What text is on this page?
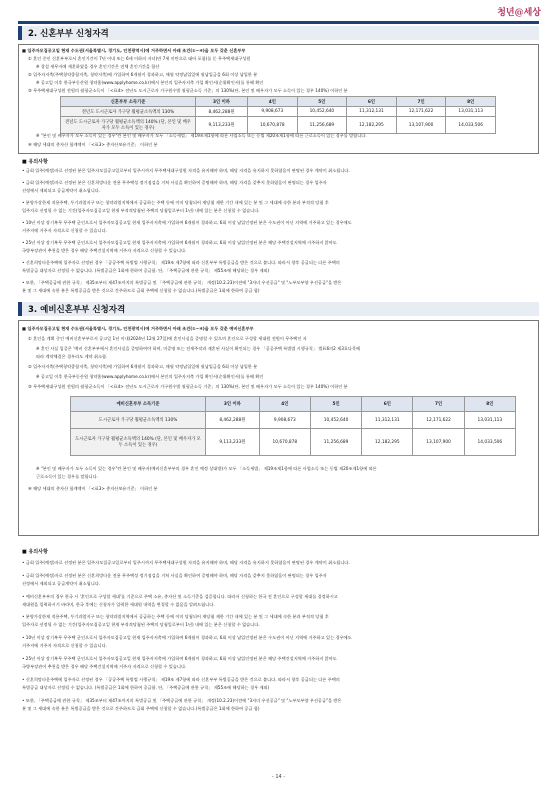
청년@세상
2. 신혼부부 신청자격
■ 입주자모집공고일 현재 수도권(서울특별시, 경기도, 인천광역시)에 거주하면서 아래 조건(①~④)을 모두 갖춘 신혼부부
① 혼인 중인 신혼부부로서 혼인기간이 7년 이내 또는 6세 이하의 자녀(만 7세 미만으로 태아 포함)를 둔 무주택세대구성원
※ 창설 세무자에 재혼하였을 경우 혼인기간은 전체 혼인기간을 합산
② 입주자저축(주택청약종합저축, 청약저축)에 가입하여 6개월이 경과하고, 매월 약정납입일에 월납입금을 6회 이상 납입한 분
※ 공고일 이후 한국부동산원 청약홈(www.applyhome.co.kr)에서 본인의 입주자저축 가입 확인서(순위확인서)를 통해 확인
③ 무주택세대구성원 전원의 월평균소득이 「<표4> 전년도 도시근로자 가구원수별 월평균소득 기준」의 130%(단, 본인 및 배우자가 모두 소득이 있는 경우 140%) 이하인 분
신혼부부 소득기준	3인 이하	4인	5인	6인	7인	8인
전년도 도시근로자 가구당 월평균소득액의 130%	8,462,288원	9,908,673	10,452,640	11,312,131	12,171,622	13,031,113
전년도 도시근로자 가구당 월평균소득액의 140% (단, 본인 및 배우자가 모두 소득이 있는 경우)	9,113,233원	10,670,878	11,256,689	12,182,295	13,107,900	14,033,506
※ "본인 및 배우자가 모두 소득이 있는 경우"란 본인 및 배우자가 모두 「소득세법」 제19조제1항에 따른 사업소득 또는 동법 제20조제1항에 따른 근로소득이 있는 경우를 말합니다.
④ 해당 세대의 총자산 합계액이 「<표3> 총자산보유기준」 이하인 분
■ 유의사항
• 금회 입주(예정)자로 선정된 분은 입주자모집공고일로부터 입주시까지 무주택세대구성원 자격을 유지해야 하며, 해당 자격을 유지하지 못하였음이 판명된 경우 계약이 취소됩니다.
• 금회 입주(예정)자로 선정된 분은 신혼희망타운 전용 무주택성 정기점검을 거쳐 사실을 확인하여 증명해야 하며, 해당 자격을 갖추지 못하였음이 판명되는 경우 입주자
선정에서 제외되고 공급계약이 취소됩니다.
• 분양가상한제 적용주택, 투기과열지구 또는 청약과열지역에서 공급하는 주택 등에 이미 당첨되어 재당첨 제한 기간 내에 있는 분 및 그 세대에 속한 분과 부적격 당첨 후
입주자로 선정될 수 없는 기간(입주자모집공고일 현재 부적격당첨된 주택의 당첨일로부터 1년) 내에 있는 분은 신청할 수 없습니다.
• 10년 이상 장기복무 무주택 군인으로서 입주자모집공고일 현재 입주자저축에 가입하여 6개월이 경과하고, 6회 이상 납입인정된 분은 수도권이 아닌 지역에 거주하고 있는 경우에도
거주지에 거주자 자격으로 신청할 수 있습니다.
• 25년 이상 장기복무 무주택 군인으로서 입주자모집공고일 현재 입주자저축에 가입하여 6개월이 경과하고, 6회 이상 납입인정된 분은 해당 주택건설지역에 거주하지 않아도
국방부장관이 추천을 받은 경우 해당 주택건설지역에 거주자 자격으로 신청할 수 있습니다.
• 신혼희망타운주택에 입주자로 선정된 경우 「공공주택 특별법 시행규칙」 제19조 제7항에 따라 신혼부부 특별공급을 받은 것으로 봅니다. 따라서 향후 공급되는 다른 주택의
특별공급 대상자로 선정될 수 없습니다. (특별공급은 1회에 한하여 공급함. 단, 「주택공급에 관한 규칙」 제55조에 해당하는 경우 제외)
• 또한, 「주택공급에 관한 규칙」 제35조부터 제47조까지의 특별공급 및 「주택공급에 관한 규칙」 개정(10.2.23)이전에 "3자녀 우선공급" 및 "노부모부양 우선공급"을 받은
분 및 그 세대에 속한 분은 특별공급을 받은 것으로 간주하므로 금회 주택에 신청할 수 없습니다.(특별공급은 1회에 한하여 공급 함)
3. 예비신혼부부 신청자격
■ 입주자모집공고일 현재 수도권(서울특별시, 경기도, 인천광역시)에 거주하면서 아래 조건(①~④)을 모두 갖춘 예비신혼부부
① 혼인을 계획 중인 예비신혼부부로서 공고일 1년 이내(2024년 12월 27일)에 혼인사실을 증명할 수 있으며 혼인으로 구성할 세대원 전원이 무주택인 자
※ 혼인 사실 입증은 '예비 신혼부부에서 혼인사실을 증명하여야 하며, 미증명 또는 전세주작과 재혼된 사실이 확인되는 경우 「공공주택 특별법 시행규칙」 별표6의2 제3호다목에
따라 계약체결은 경우라도 계약 취소함.
② 입주자저축(주택청약종합저축, 청약저축)에 가입하여 6개월이 경과하고, 매월 약정납입일에 월납입금을 6회 이상 납입한 분
※ 공고일 이후 한국부동산원 청약홈(www.applyhome.co.kr)에서 본인의 입주자저축 가입 확인서(순위확인서)를 통해 확인
③ 무주택세대구성원 전원의 월평균소득이 「<표4> 전년도 도시근로자 가구원수별 월평균소득 기준」의 130%(단, 본인 및 배우자가 모두 소득이 있는 경우 140%) 이하인 분
예비신혼부부 소득기준	3인 이하	4인	5인	6인	7인	8인
도시근로자 가구당 월평균소득액의 130%	8,462,288원	9,908,673	10,452,640	11,312,131	12,171,622	13,031,113
도시근로자 가구당 월평균소득액의 140% (단, 본인 및 배우자가 모두 소득이 있는 경우)	9,113,233원	10,670,878	11,256,689	12,182,295	13,107,900	14,033,506
※ "본인 및 배우자가 모두 소득이 있는 경우"란 본인 및 배우자(예비신혼부부의 경우 혼인 예정 상대방)가 모두 「소득세법」 제19조제1항에 따른 사업소득 또는 동법 제20조제1항에 따른
근로소득이 있는 경우를 말합니다.
④ 해당 세대의 총자산 합계액이 「<표3> 총자산보유기준」 이하인 분
■ 유의사항
• 금회 입주(예정)자로 선정된 분은 입주자모집공고일로부터 입주시까지 무주택세대구성원 자격을 유지해야 하며, 해당 자격을 유지하지 못하였음이 판명된 경우 계약이 취소됩니다.
• 금회 입주(예정)자로 선정된 분은 신혼희망타운 전용 무주택성 정기점검을 거쳐 사실을 확인하여 증명해야 하며, 해당 자격을 갖추지 못하였음이 판명되는 경우 입주자
선정에서 제외되고 공급계약이 취소됩니다.
• 예비신혼부부의 경우 한국 시 '혼인으로 구성할 세대'를 기준으로 주택 소유, 총자산 및 소득기준을 검증합니다. 따라서 신청하는 한국 전 혼인으로 구성할 세대를 결정하시고
세대원을 입력하시기 바라며, 한국 후에는 신청자가 입력한 세대원 내역을 변경할 수 없음을 알려드립니다.
• 분양가상한제 적용주택, 투기과열지구 또는 청약과열지역에서 공급하는 주택 등에 이미 당첨되어 재당첨 제한 기간 내에 있는 분 및 그 세대에 속한 분과 부적격 당첨 후
입주자로 선정될 수 없는 기간(입주자모집공고일 현재 부적격당첨된 주택의 당첨일로부터 1년) 내에 있는 분은 신청할 수 없습니다.
• 10년 이상 장기복무 무주택 군인으로서 입주자모집공고일 현재 입주자저축에 가입하여 6개월이 경과하고, 6회 이상 납입인정된 분은 수도권이 아닌 지역에 거주하고 있는 경우에도
거주지에 거주자 자격으로 신청할 수 있습니다.
• 25년 이상 장기복무 무주택 군인으로서 입주자모집공고일 현재 입주자저축에 가입하여 6개월이 경과하고, 6회 이상 납입인정된 분은 해당 주택건설지역에 거주하지 않아도
국방부장관이 추천을 받은 경우 해당 주택건설지역에 거주자 자격으로 신청할 수 있습니다.
• 신혼희망타운주택에 입주자로 선정된 경우 「공공주택 특별법 시행규칙」 제19조 제7항에 따라 신혼부부 특별공급을 받은 것으로 봅니다. 따라서 향후 공급되는 다른 주택의
특별공급 대상자로 선정될 수 없습니다. (특별공급은 1회에 한하여 공급함. 단, 「주택공급에 관한 규칙」 제55조에 해당하는 경우 제외)
• 또한, 「주택공급에 관한 규칙」 제35조부터 제47조까지의 특별공급 및 「주택공급에 관한 규칙」 개정(10.2.23)이전에 "3자녀 우선공급" 및 "노부모부양 우선공급"을 받은
분 및 그 세대에 속한 분은 특별공급을 받은 것으로 간주하므로 금회 주택에 신청할 수 없습니다.(특별공급은 1회에 한하여 공급 함)
- 14 -
